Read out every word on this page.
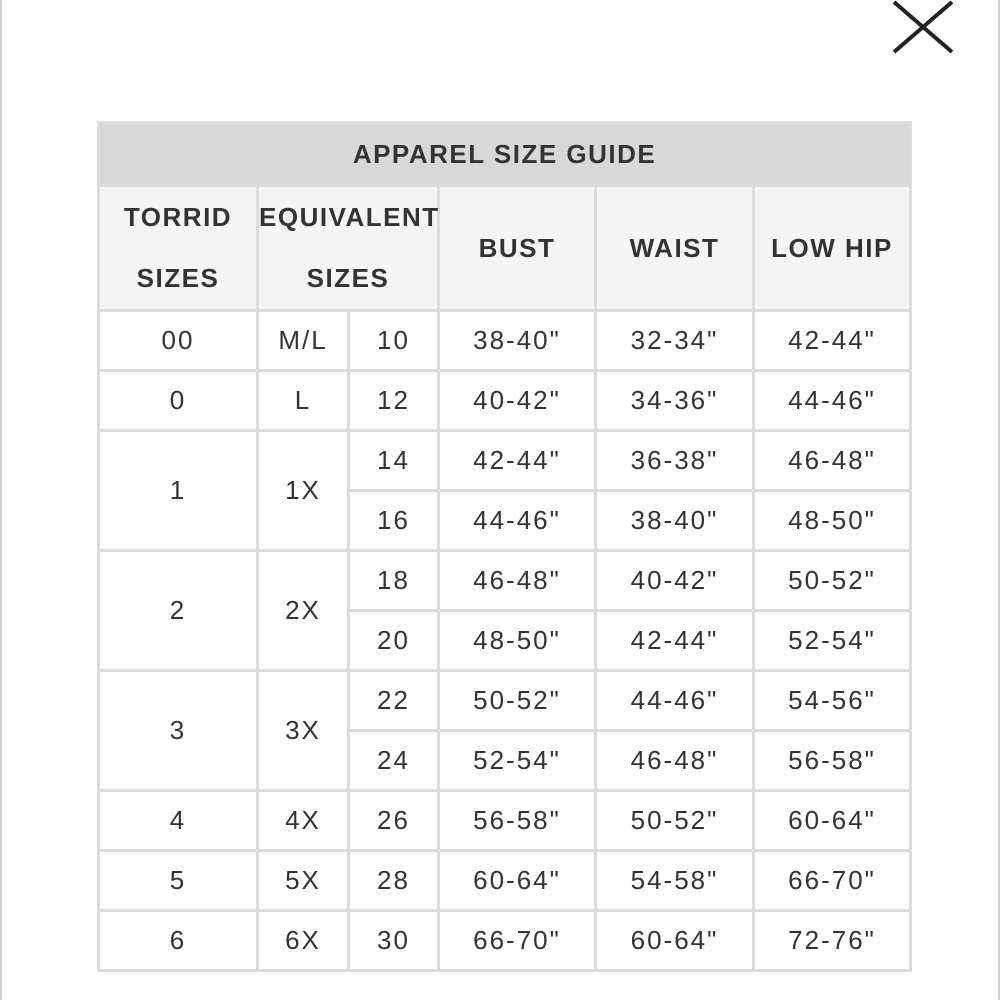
APPAREL SIZE GUIDE					
TORRID SIZES	EQUIVALENT SIZES		BUST	WAIST	LOW HIP
00	M/L	10	38-40"	32-34"	42-44"
0	L	12	40-42"	34-36"	44-46"
1	1X	14	42-44"	36-38"	46-48"
		16	44-46"	38-40"	48-50"
2	2X	18	46-48"	40-42"	50-52"
		20	48-50"	42-44"	52-54"
3	3X	22	50-52"	44-46"	54-56"
		24	52-54"	46-48"	56-58"
4	4X	26	56-58"	50-52"	60-64"
5	5X	28	60-64"	54-58"	66-70"
6	6X	30	66-70"	60-64"	72-76"
